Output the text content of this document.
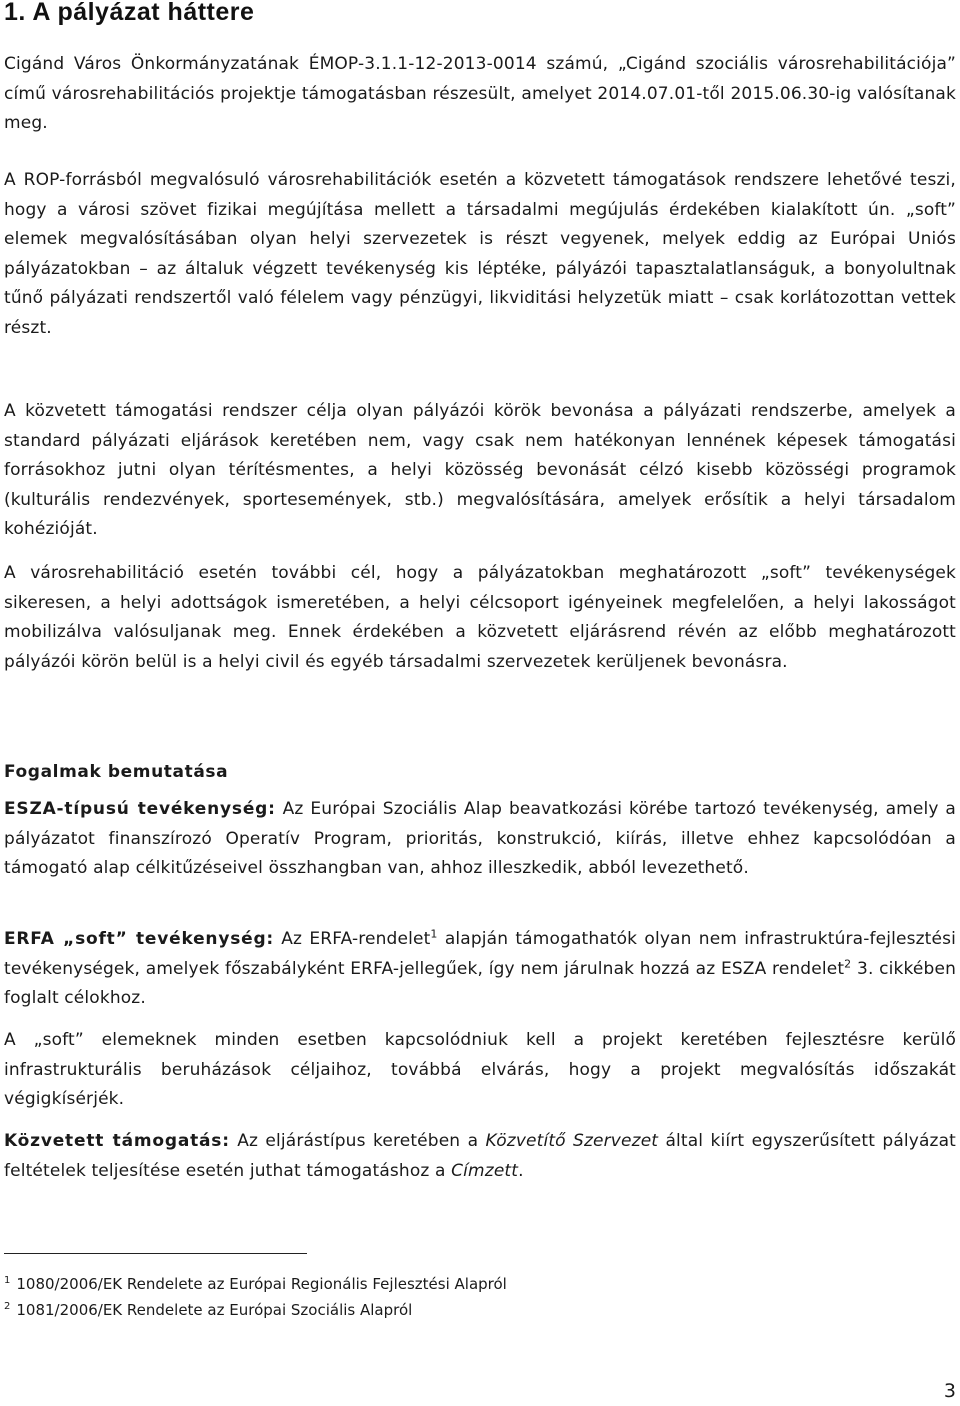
1. A pályázat háttere

Cigánd Város Önkormányzatának ÉMOP-3.1.1-12-2013-0014 számú, „Cigánd szociális városrehabilitációja” című városrehabilitációs projektje támogatásban részesült, amelyet 2014.07.01-től 2015.06.30-ig valósítanak meg.

A ROP-forrásból megvalósuló városrehabilitációk esetén a közvetett támogatások rendszere lehetővé teszi, hogy a városi szövet fizikai megújítása mellett a társadalmi megújulás érdekében kialakított ún. „soft” elemek megvalósításában olyan helyi szervezetek is részt vegyenek, melyek eddig az Európai Uniós pályázatokban – az általuk végzett tevékenység kis léptéke, pályázói tapasztalatlanságuk, a bonyolultnak tűnő pályázati rendszertől való félelem vagy pénzügyi, likviditási helyzetük miatt – csak korlátozottan vettek részt.

A közvetett támogatási rendszer célja olyan pályázói körök bevonása a pályázati rendszerbe, amelyek a standard pályázati eljárások keretében nem, vagy csak nem hatékonyan lennének képesek támogatási forrásokhoz jutni olyan térítésmentes, a helyi közösség bevonását célzó kisebb közösségi programok (kulturális rendezvények, sportesemények, stb.) megvalósítására, amelyek erősítik a helyi társadalom kohézióját.

A városrehabilitáció esetén további cél, hogy a pályázatokban meghatározott „soft” tevékenységek sikeresen, a helyi adottságok ismeretében, a helyi célcsoport igényeinek megfelelően, a helyi lakosságot mobilizálva valósuljanak meg. Ennek érdekében a közvetett eljárásrend révén az előbb meghatározott pályázói körön belül is a helyi civil és egyéb társadalmi szervezetek kerüljenek bevonásra.

Fogalmak bemutatása

ESZA-típusú tevékenység: Az Európai Szociális Alap beavatkozási körébe tartozó tevékenység, amely a pályázatot finanszírozó Operatív Program, prioritás, konstrukció, kiírás, illetve ehhez kapcsolódóan a támogató alap célkitűzéseivel összhangban van, ahhoz illeszkedik, abból levezethető.

ERFA „soft” tevékenység: Az ERFA-rendelet$^1$ alapján támogathatók olyan nem infrastruktúra-fejlesztési tevékenységek, amelyek főszabályként ERFA-jellegűek, így nem járulnak hozzá az ESZA rendelet$^2$ 3. cikkében foglalt célokhoz.

A „soft” elemeknek minden esetben kapcsolódniuk kell a projekt keretében fejlesztésre kerülő infrastrukturális beruházások céljaihoz, továbbá elvárás, hogy a projekt megvalósítás időszakát végigkísérjék.

Közvetett támogatás: Az eljárástípus keretében a Közvetítő Szervezet által kiírt egyszerűsített pályázat feltételek teljesítése esetén juthat támogatáshoz a Címzett.

$^1$ 1080/2006/EK Rendelete az Európai Regionális Fejlesztési Alapról

$^2$ 1081/2006/EK Rendelete az Európai Szociális Alapról

3
